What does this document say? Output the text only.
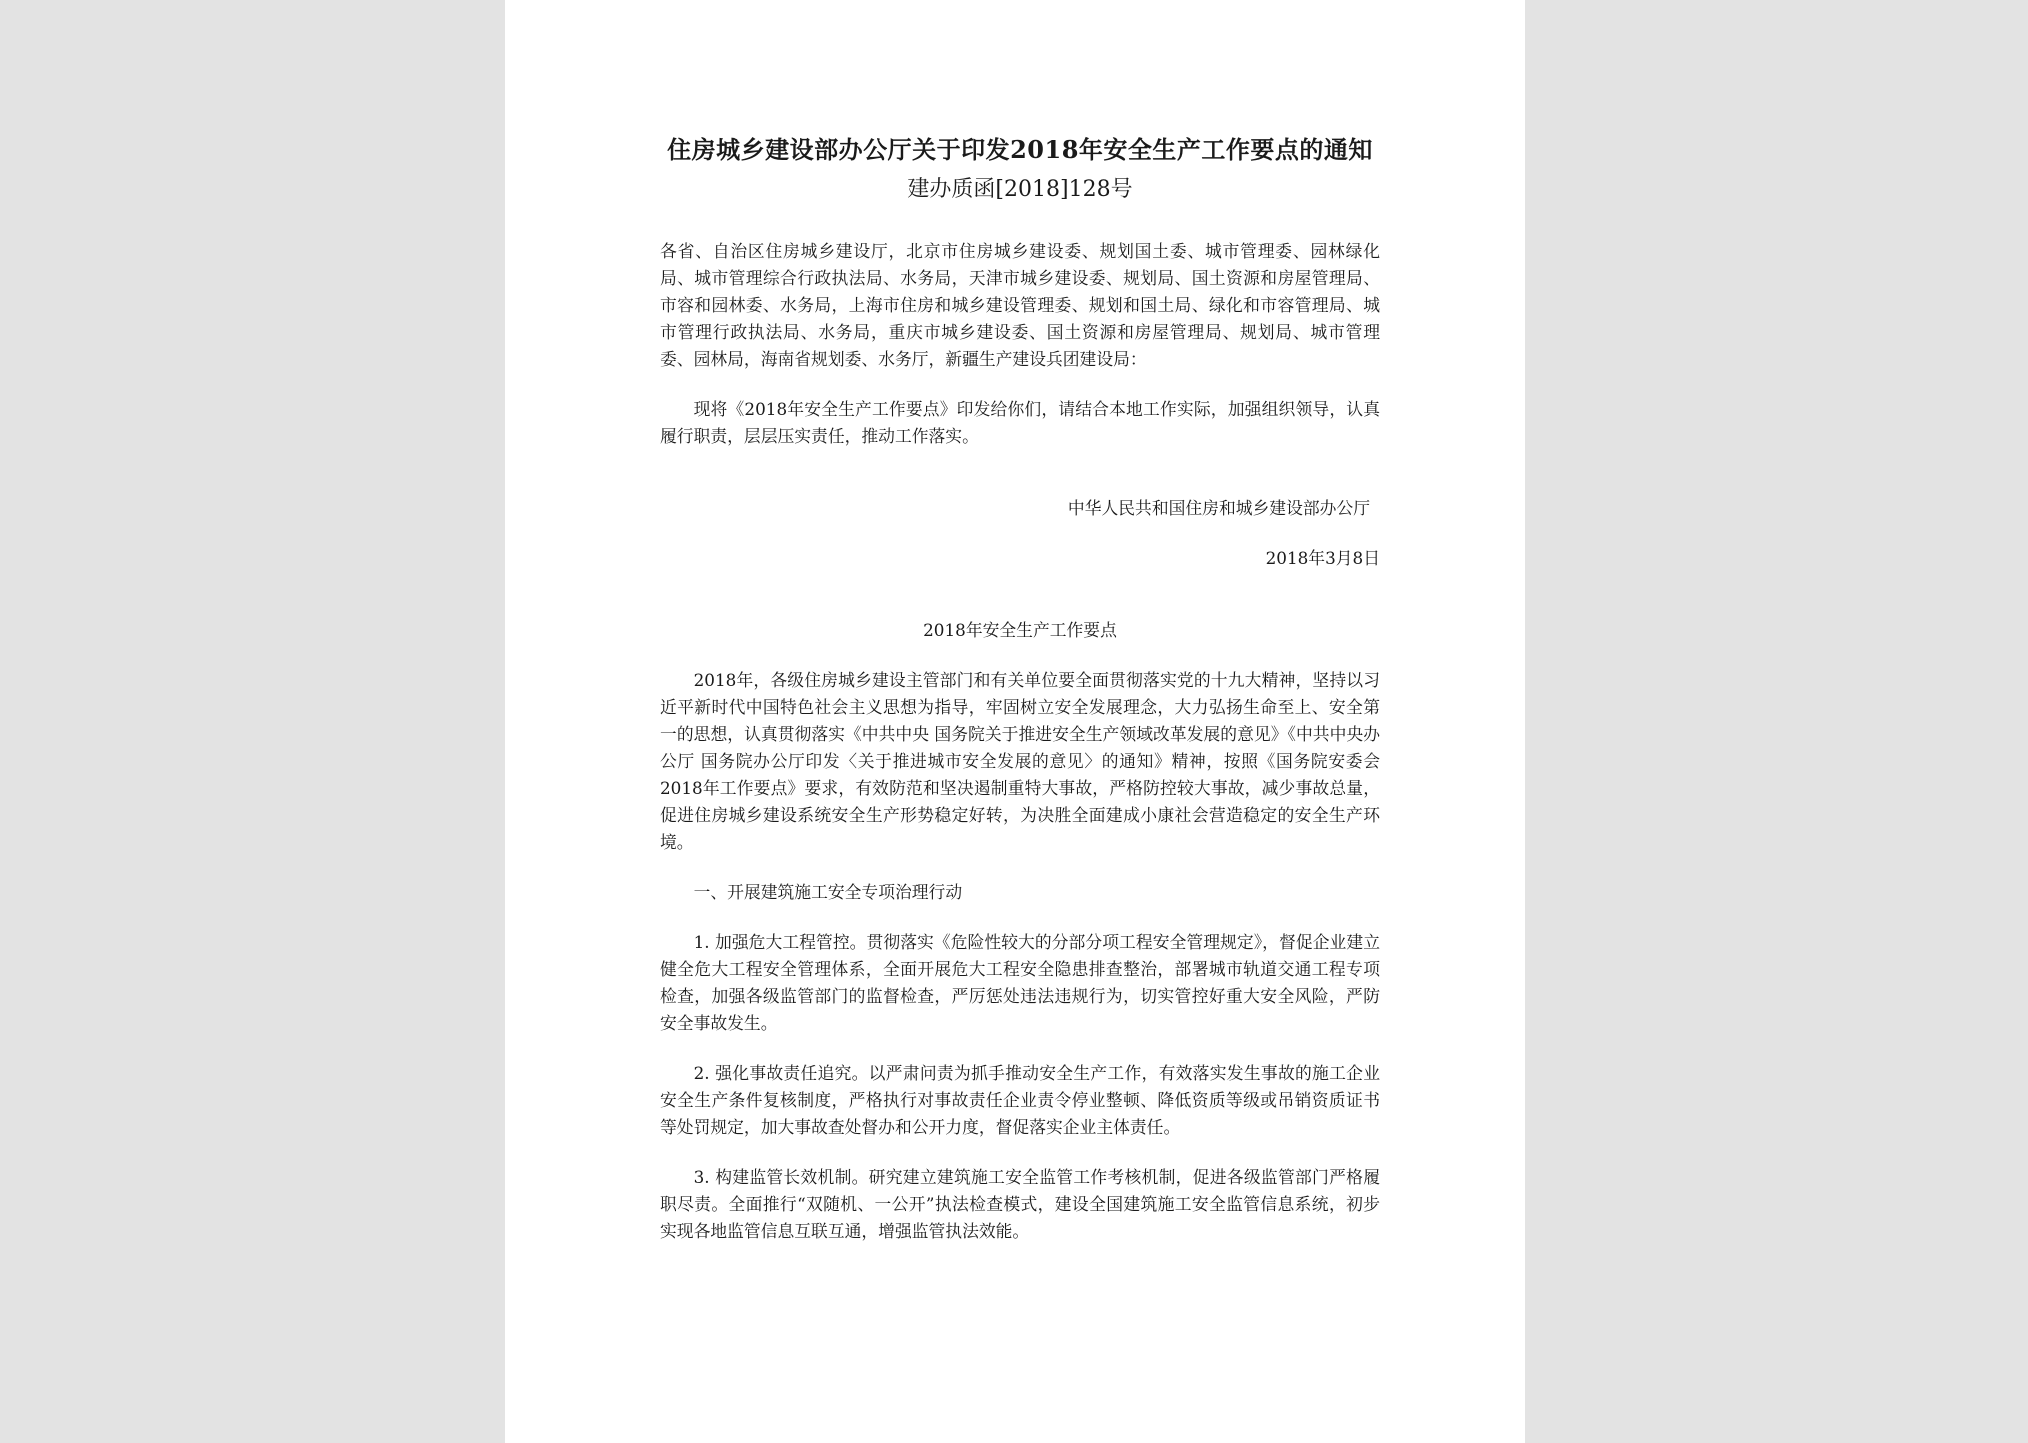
住房城乡建设部办公厅关于印发2018年安全生产工作要点的通知

建办质函[2018]128号

各省、自治区住房城乡建设厅，北京市住房城乡建设委、规划国土委、城市管理委、园林绿化局、城市管理综合行政执法局、水务局，天津市城乡建设委、规划局、国土资源和房屋管理局、市容和园林委、水务局，上海市住房和城乡建设管理委、规划和国土局、绿化和市容管理局、城市管理行政执法局、水务局，重庆市城乡建设委、国土资源和房屋管理局、规划局、城市管理委、园林局，海南省规划委、水务厅，新疆生产建设兵团建设局：

现将《2018年安全生产工作要点》印发给你们，请结合本地工作实际，加强组织领导，认真履行职责，层层压实责任，推动工作落实。

中华人民共和国住房和城乡建设部办公厅

2018年3月8日

2018年安全生产工作要点

2018年，各级住房城乡建设主管部门和有关单位要全面贯彻落实党的十九大精神，坚持以习近平新时代中国特色社会主义思想为指导，牢固树立安全发展理念，大力弘扬生命至上、安全第一的思想，认真贯彻落实《中共中央 国务院关于推进安全生产领域改革发展的意见》《中共中央办公厅 国务院办公厅印发〈关于推进城市安全发展的意见〉的通知》精神，按照《国务院安委会2018年工作要点》要求，有效防范和坚决遏制重特大事故，严格防控较大事故，减少事故总量，促进住房城乡建设系统安全生产形势稳定好转，为决胜全面建成小康社会营造稳定的安全生产环境。

一、开展建筑施工安全专项治理行动

1. 加强危大工程管控。贯彻落实《危险性较大的分部分项工程安全管理规定》，督促企业建立健全危大工程安全管理体系，全面开展危大工程安全隐患排查整治，部署城市轨道交通工程专项检查，加强各级监管部门的监督检查，严厉惩处违法违规行为，切实管控好重大安全风险，严防安全事故发生。

2. 强化事故责任追究。以严肃问责为抓手推动安全生产工作，有效落实发生事故的施工企业安全生产条件复核制度，严格执行对事故责任企业责令停业整顿、降低资质等级或吊销资质证书等处罚规定，加大事故查处督办和公开力度，督促落实企业主体责任。

3. 构建监管长效机制。研究建立建筑施工安全监管工作考核机制，促进各级监管部门严格履职尽责。全面推行“双随机、一公开”执法检查模式，建设全国建筑施工安全监管信息系统，初步实现各地监管信息互联互通，增强监管执法效能。
